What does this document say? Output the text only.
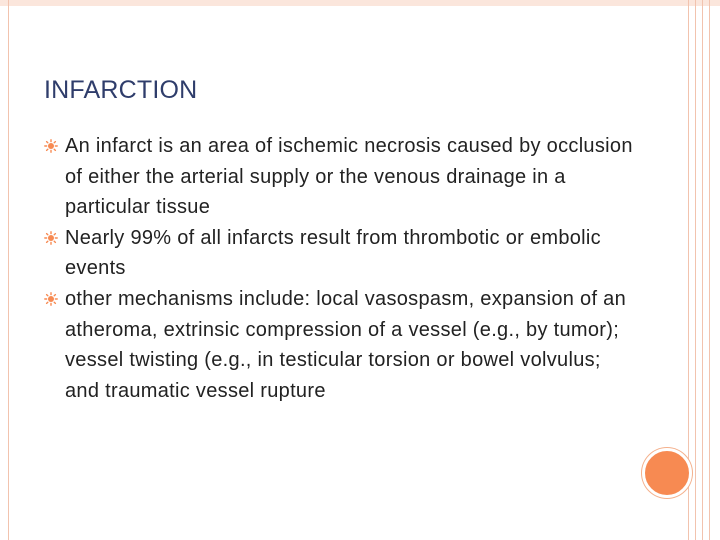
INFARCTION
An infarct is an area of ischemic necrosis caused by occlusion of either the arterial supply or the venous drainage in a particular tissue
Nearly 99% of all infarcts result from thrombotic or embolic events
other mechanisms include: local vasospasm, expansion of an atheroma, extrinsic compression of a vessel (e.g., by tumor); vessel twisting (e.g., in testicular torsion or bowel volvulus; and traumatic vessel rupture
